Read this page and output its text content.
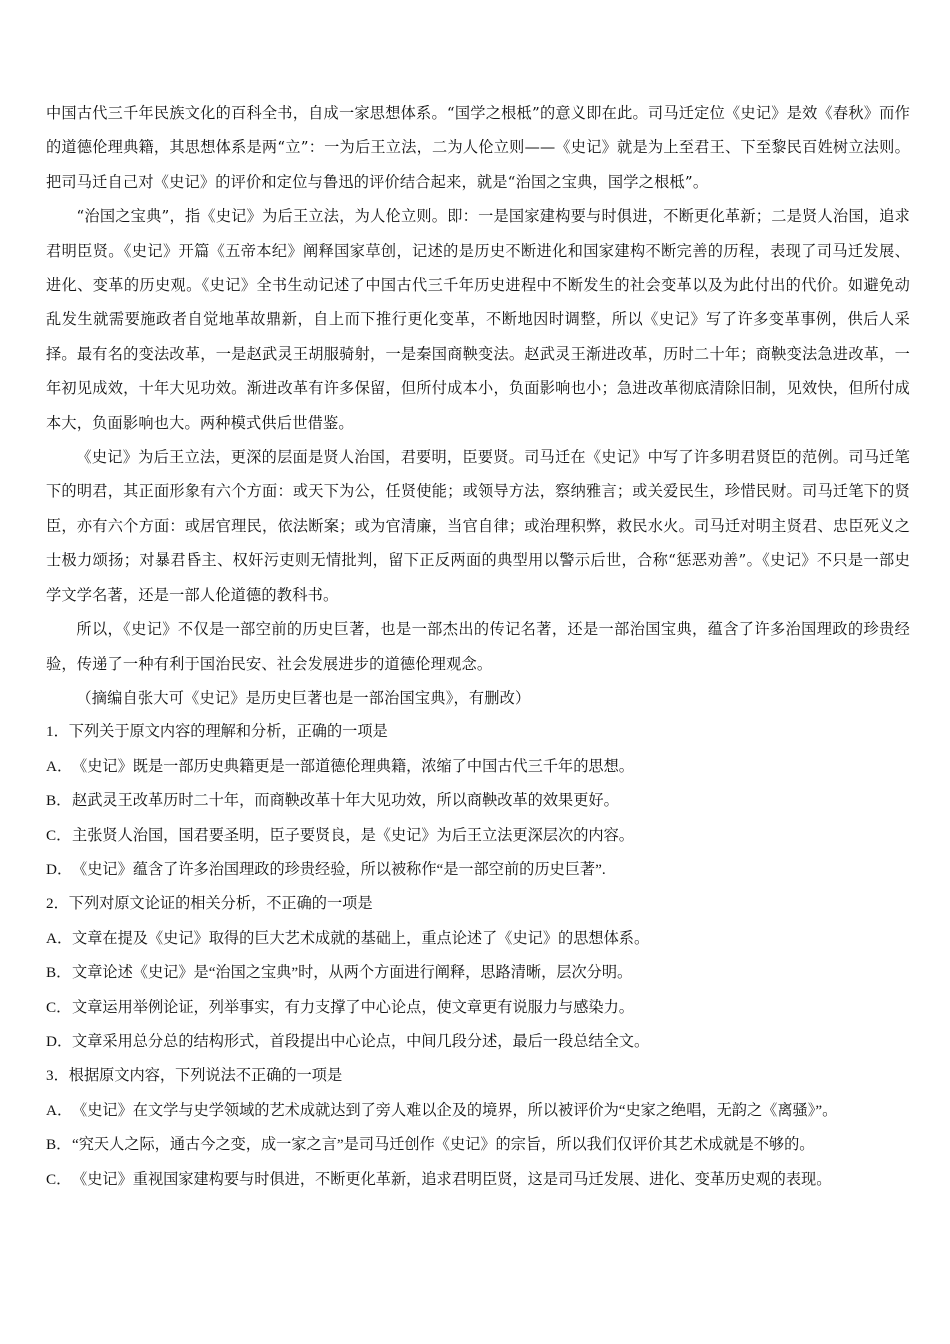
中国古代三千年民族文化的百科全书，自成一家思想体系。“国学之根柢”的意义即在此。司马迁定位《史记》是效《春秋》而作的道德伦理典籍，其思想体系是两“立”：一为后王立法，二为人伦立则——《史记》就是为上至君王、下至黎民百姓树立法则。把司马迁自己对《史记》的评价和定位与鲁迅的评价结合起来，就是“治国之宝典，国学之根柢”。

“治国之宝典”，指《史记》为后王立法，为人伦立则。即：一是国家建构要与时俱进，不断更化革新；二是贤人治国，追求君明臣贤。《史记》开篇《五帝本纪》阐释国家草创，记述的是历史不断进化和国家建构不断完善的历程，表现了司马迁发展、进化、变革的历史观。《史记》全书生动记述了中国古代三千年历史进程中不断发生的社会变革以及为此付出的代价。如避免动乱发生就需要施政者自觉地革故鼎新，自上而下推行更化变革，不断地因时调整，所以《史记》写了许多变革事例，供后人采择。最有名的变法改革，一是赵武灵王胡服骑射，一是秦国商鞅变法。赵武灵王渐进改革，历时二十年；商鞅变法急进改革，一年初见成效，十年大见功效。渐进改革有许多保留，但所付成本小，负面影响也小；急进改革彻底清除旧制，见效快，但所付成本大，负面影响也大。两种模式供后世借鉴。

《史记》为后王立法，更深的层面是贤人治国，君要明，臣要贤。司马迁在《史记》中写了许多明君贤臣的范例。司马迁笔下的明君，其正面形象有六个方面：或天下为公，任贤使能；或领导方法，察纳雅言；或关爱民生，珍惜民财。司马迁笔下的贤臣，亦有六个方面：或居官理民，依法断案；或为官清廉，当官自律；或治理积弊，救民水火。司马迁对明主贤君、忠臣死义之士极力颂扬；对暴君昏主、权奸污吏则无情批判，留下正反两面的典型用以警示后世，合称“惩恶劝善”。《史记》不只是一部史学文学名著，还是一部人伦道德的教科书。

所以，《史记》不仅是一部空前的历史巨著，也是一部杰出的传记名著，还是一部治国宝典，蕴含了许多治国理政的珍贵经验，传递了一种有利于国治民安、社会发展进步的道德伦理观念。

（摘编自张大可《史记》是历史巨著也是一部治国宝典》，有删改）

1．下列关于原文内容的理解和分析，正确的一项是

A．《史记》既是一部历史典籍更是一部道德伦理典籍，浓缩了中国古代三千年的思想。

B．赵武灵王改革历时二十年，而商鞅改革十年大见功效，所以商鞅改革的效果更好。

C．主张贤人治国，国君要圣明，臣子要贤良，是《史记》为后王立法更深层次的内容。

D．《史记》蕴含了许多治国理政的珍贵经验，所以被称作“是一部空前的历史巨著”.

2．下列对原文论证的相关分析，不正确的一项是

A．文章在提及《史记》取得的巨大艺术成就的基础上，重点论述了《史记》的思想体系。

B．文章论述《史记》是“治国之宝典”时，从两个方面进行阐释，思路清晰，层次分明。

C．文章运用举例论证，列举事实，有力支撑了中心论点，使文章更有说服力与感染力。

D．文章采用总分总的结构形式，首段提出中心论点，中间几段分述，最后一段总结全文。

3．根据原文内容，下列说法不正确的一项是

A．《史记》在文学与史学领域的艺术成就达到了旁人难以企及的境界，所以被评价为“史家之绝唱，无韵之《离骚》”。

B．“究天人之际，通古今之变，成一家之言”是司马迁创作《史记》的宗旨，所以我们仅评价其艺术成就是不够的。

C．《史记》重视国家建构要与时俱进，不断更化革新，追求君明臣贤，这是司马迁发展、进化、变革历史观的表现。
